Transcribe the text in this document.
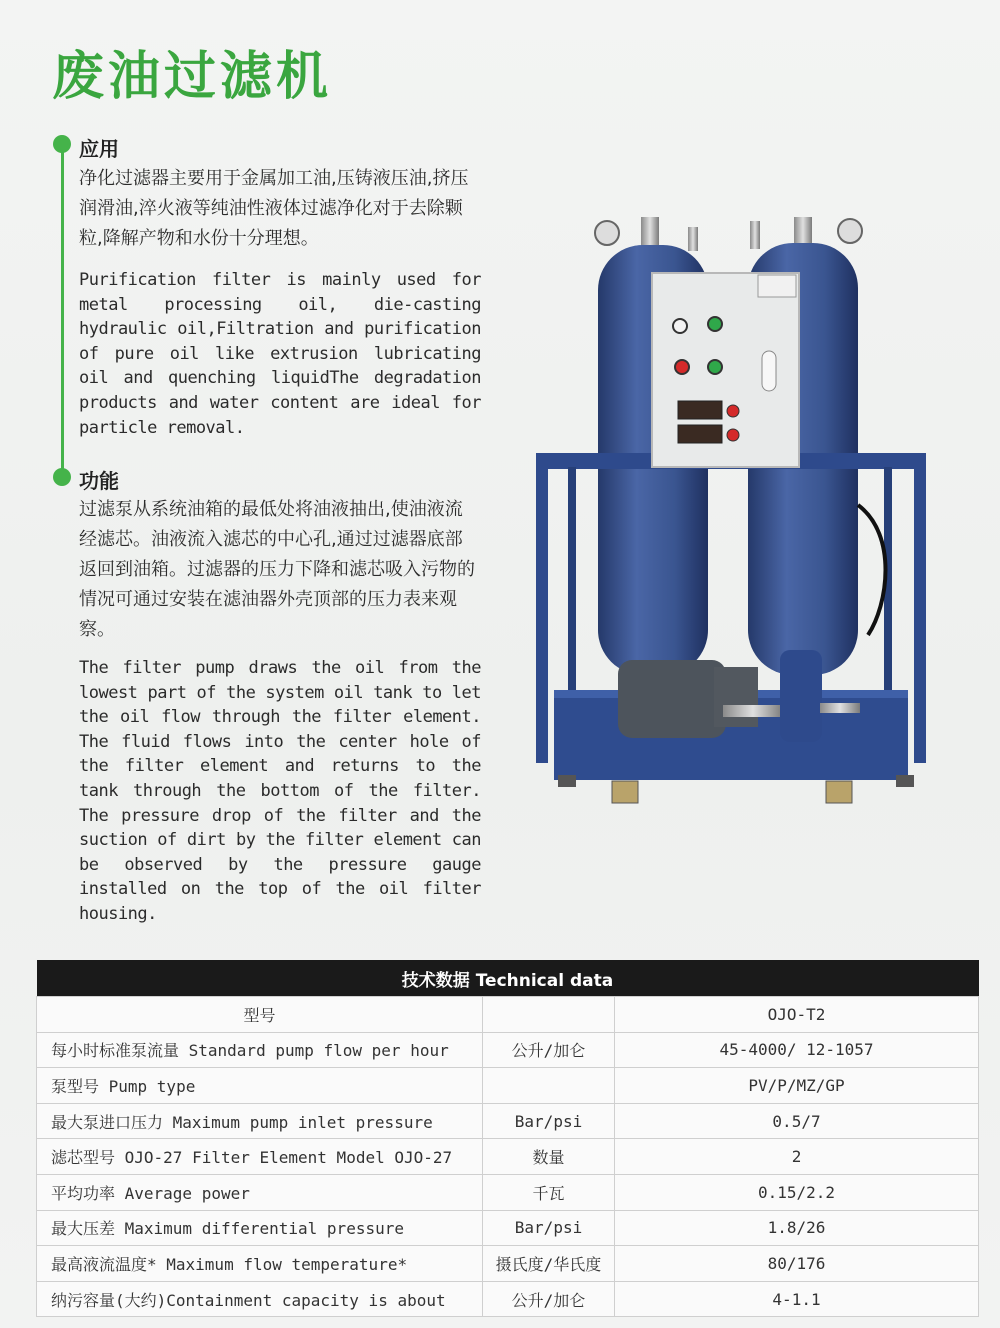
废油过滤机
应用

净化过滤器主要用于金属加工油,压铸液压油,挤压润滑油,淬火液等纯油性液体过滤净化对于去除颗粒,降解产物和水份十分理想。

Purification filter is mainly used for metal processing oil, die-casting hydraulic oil,Filtration and purification of pure oil like extrusion lubricating oil and quenching liquidThe degradation products and water content are ideal for particle removal.

功能

过滤泵从系统油箱的最低处将油液抽出,使油液流经滤芯。油液流入滤芯的中心孔,通过过滤器底部返回到油箱。过滤器的压力下降和滤芯吸入污物的情况可通过安装在滤油器外壳顶部的压力表来观察。

The filter pump draws the oil from the lowest part of the system oil tank to let the oil flow through the filter element. The fluid flows into the center hole of the filter element and returns to the tank through the bottom of the filter. The pressure drop of the filter and the suction of dirt by the filter element can be observed by the pressure gauge installed on the top of the oil filter housing.

技术数据 Technical data		
型号		OJO-T2
每小时标准泵流量 Standard pump flow per hour	公升/加仑	45-4000/ 12-1057
泵型号 Pump type		PV/P/MZ/GP
最大泵进口压力 Maximum pump inlet pressure	Bar/psi	0.5/7
滤芯型号 OJO-27 Filter Element Model OJO-27	数量	2
平均功率 Average power	千瓦	0.15/2.2
最大压差 Maximum differential pressure	Bar/psi	1.8/26
最高液流温度* Maximum flow temperature*	摄氏度/华氏度	80/176
纳污容量(大约)Containment capacity is about	公升/加仑	4-1.1
